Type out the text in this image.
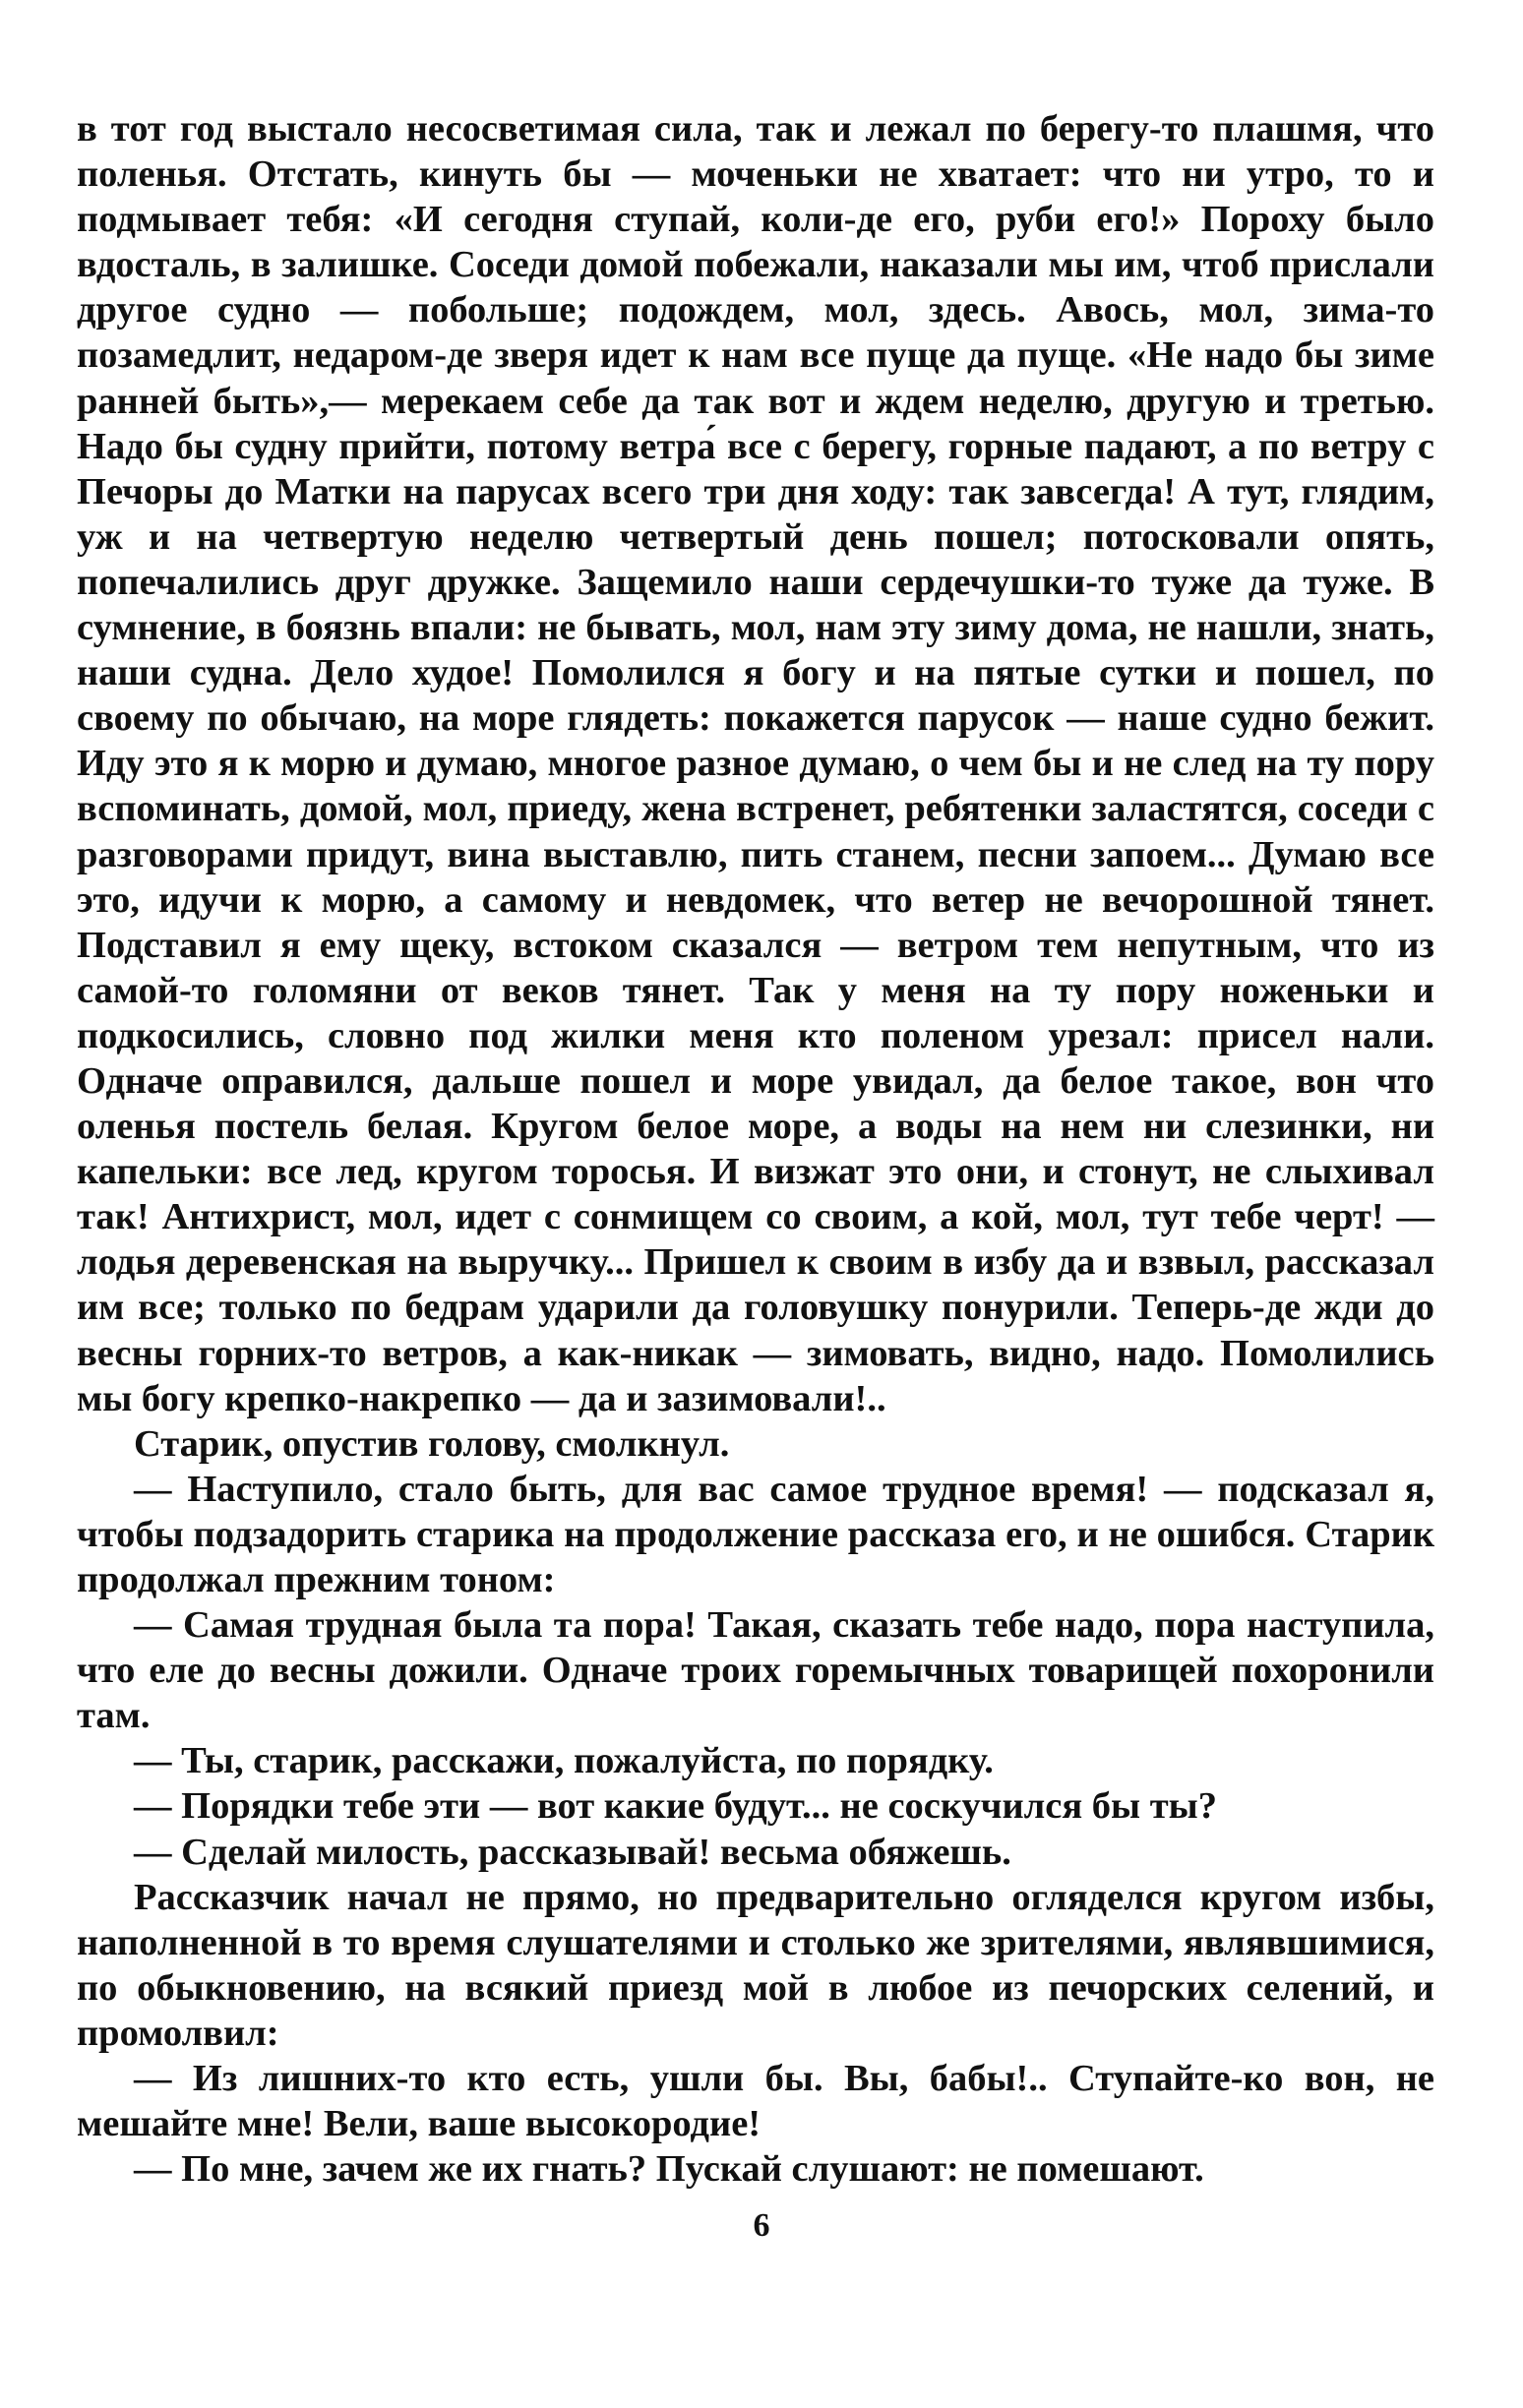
в тот год выстало несосветимая сила, так и лежал по берегу-то плашмя, что поленья. Отстать, кинуть бы — моченьки не хватает: что ни утро, то и подмывает тебя: «И сегодня ступай, коли-де его, руби его!» Пороху было вдосталь, в залишке. Соседи домой побежали, наказали мы им, чтоб прислали другое судно — побольше; подождем, мол, здесь. Авось, мол, зима-то позамедлит, недаром-де зверя идет к нам все пуще да пуще. «Не надо бы зиме ранней быть»,— мерекаем себе да так вот и ждем неделю, другую и третью. Надо бы судну прийти, потому ветра́ все с берегу, горные падают, а по ветру с Печоры до Матки на парусах всего три дня ходу: так завсегда! А тут, глядим, уж и на четвертую неделю четвертый день пошел; потосковали опять, попечалились друг дружке. Защемило наши сердечушки-то туже да туже. В сумнение, в боязнь впали: не бывать, мол, нам эту зиму дома, не нашли, знать, наши судна. Дело худое! Помолился я богу и на пятые сутки и пошел, по своему по обычаю, на море глядеть: покажется парусок — наше судно бежит. Иду это я к морю и думаю, многое разное думаю, о чем бы и не след на ту пору вспоминать, домой, мол, приеду, жена встренет, ребятенки заластятся, соседи с разговорами придут, вина выставлю, пить станем, песни запоем... Думаю все это, идучи к морю, а самому и невдомек, что ветер не вечорошной тянет. Подставил я ему щеку, встоком сказался — ветром тем непутным, что из самой-то голомяни от веков тянет. Так у меня на ту пору ноженьки и подкосились, словно под жилки меня кто поленом урезал: присел нали. Одначе оправился, дальше пошел и море увидал, да белое такое, вон что оленья постель белая. Кругом белое море, а воды на нем ни слезинки, ни капельки: все лед, кругом торосья. И визжат это они, и стонут, не слыхивал так! Антихрист, мол, идет с сонмищем со своим, а кой, мол, тут тебе черт! — лодья деревенская на выручку... Пришел к своим в избу да и взвыл, рассказал им все; только по бедрам ударили да головушку понурили. Теперь-де жди до весны горних-то ветров, а как-никак — зимовать, видно, надо. Помолились мы богу крепко-накрепко — да и зазимовали!..

Старик, опустив голову, смолкнул.

— Наступило, стало быть, для вас самое трудное время! — подсказал я, чтобы подзадорить старика на продолжение рассказа его, и не ошибся. Старик продолжал прежним тоном:

— Самая трудная была та пора! Такая, сказать тебе надо, пора наступила, что еле до весны дожили. Одначе троих горемычных товарищей похоронили там.

— Ты, старик, расскажи, пожалуйста, по порядку.

— Порядки тебе эти — вот какие будут... не соскучился бы ты?

— Сделай милость, рассказывай! весьма обяжешь.

Рассказчик начал не прямо, но предварительно огляделся кругом избы, наполненной в то время слушателями и столько же зрителями, являвшимися, по обыкновению, на всякий приезд мой в любое из печорских селений, и промолвил:

— Из лишних-то кто есть, ушли бы. Вы, бабы!.. Ступайте-ко вон, не мешайте мне! Вели, ваше высокородие!

— По мне, зачем же их гнать? Пускай слушают: не помешают.

6
